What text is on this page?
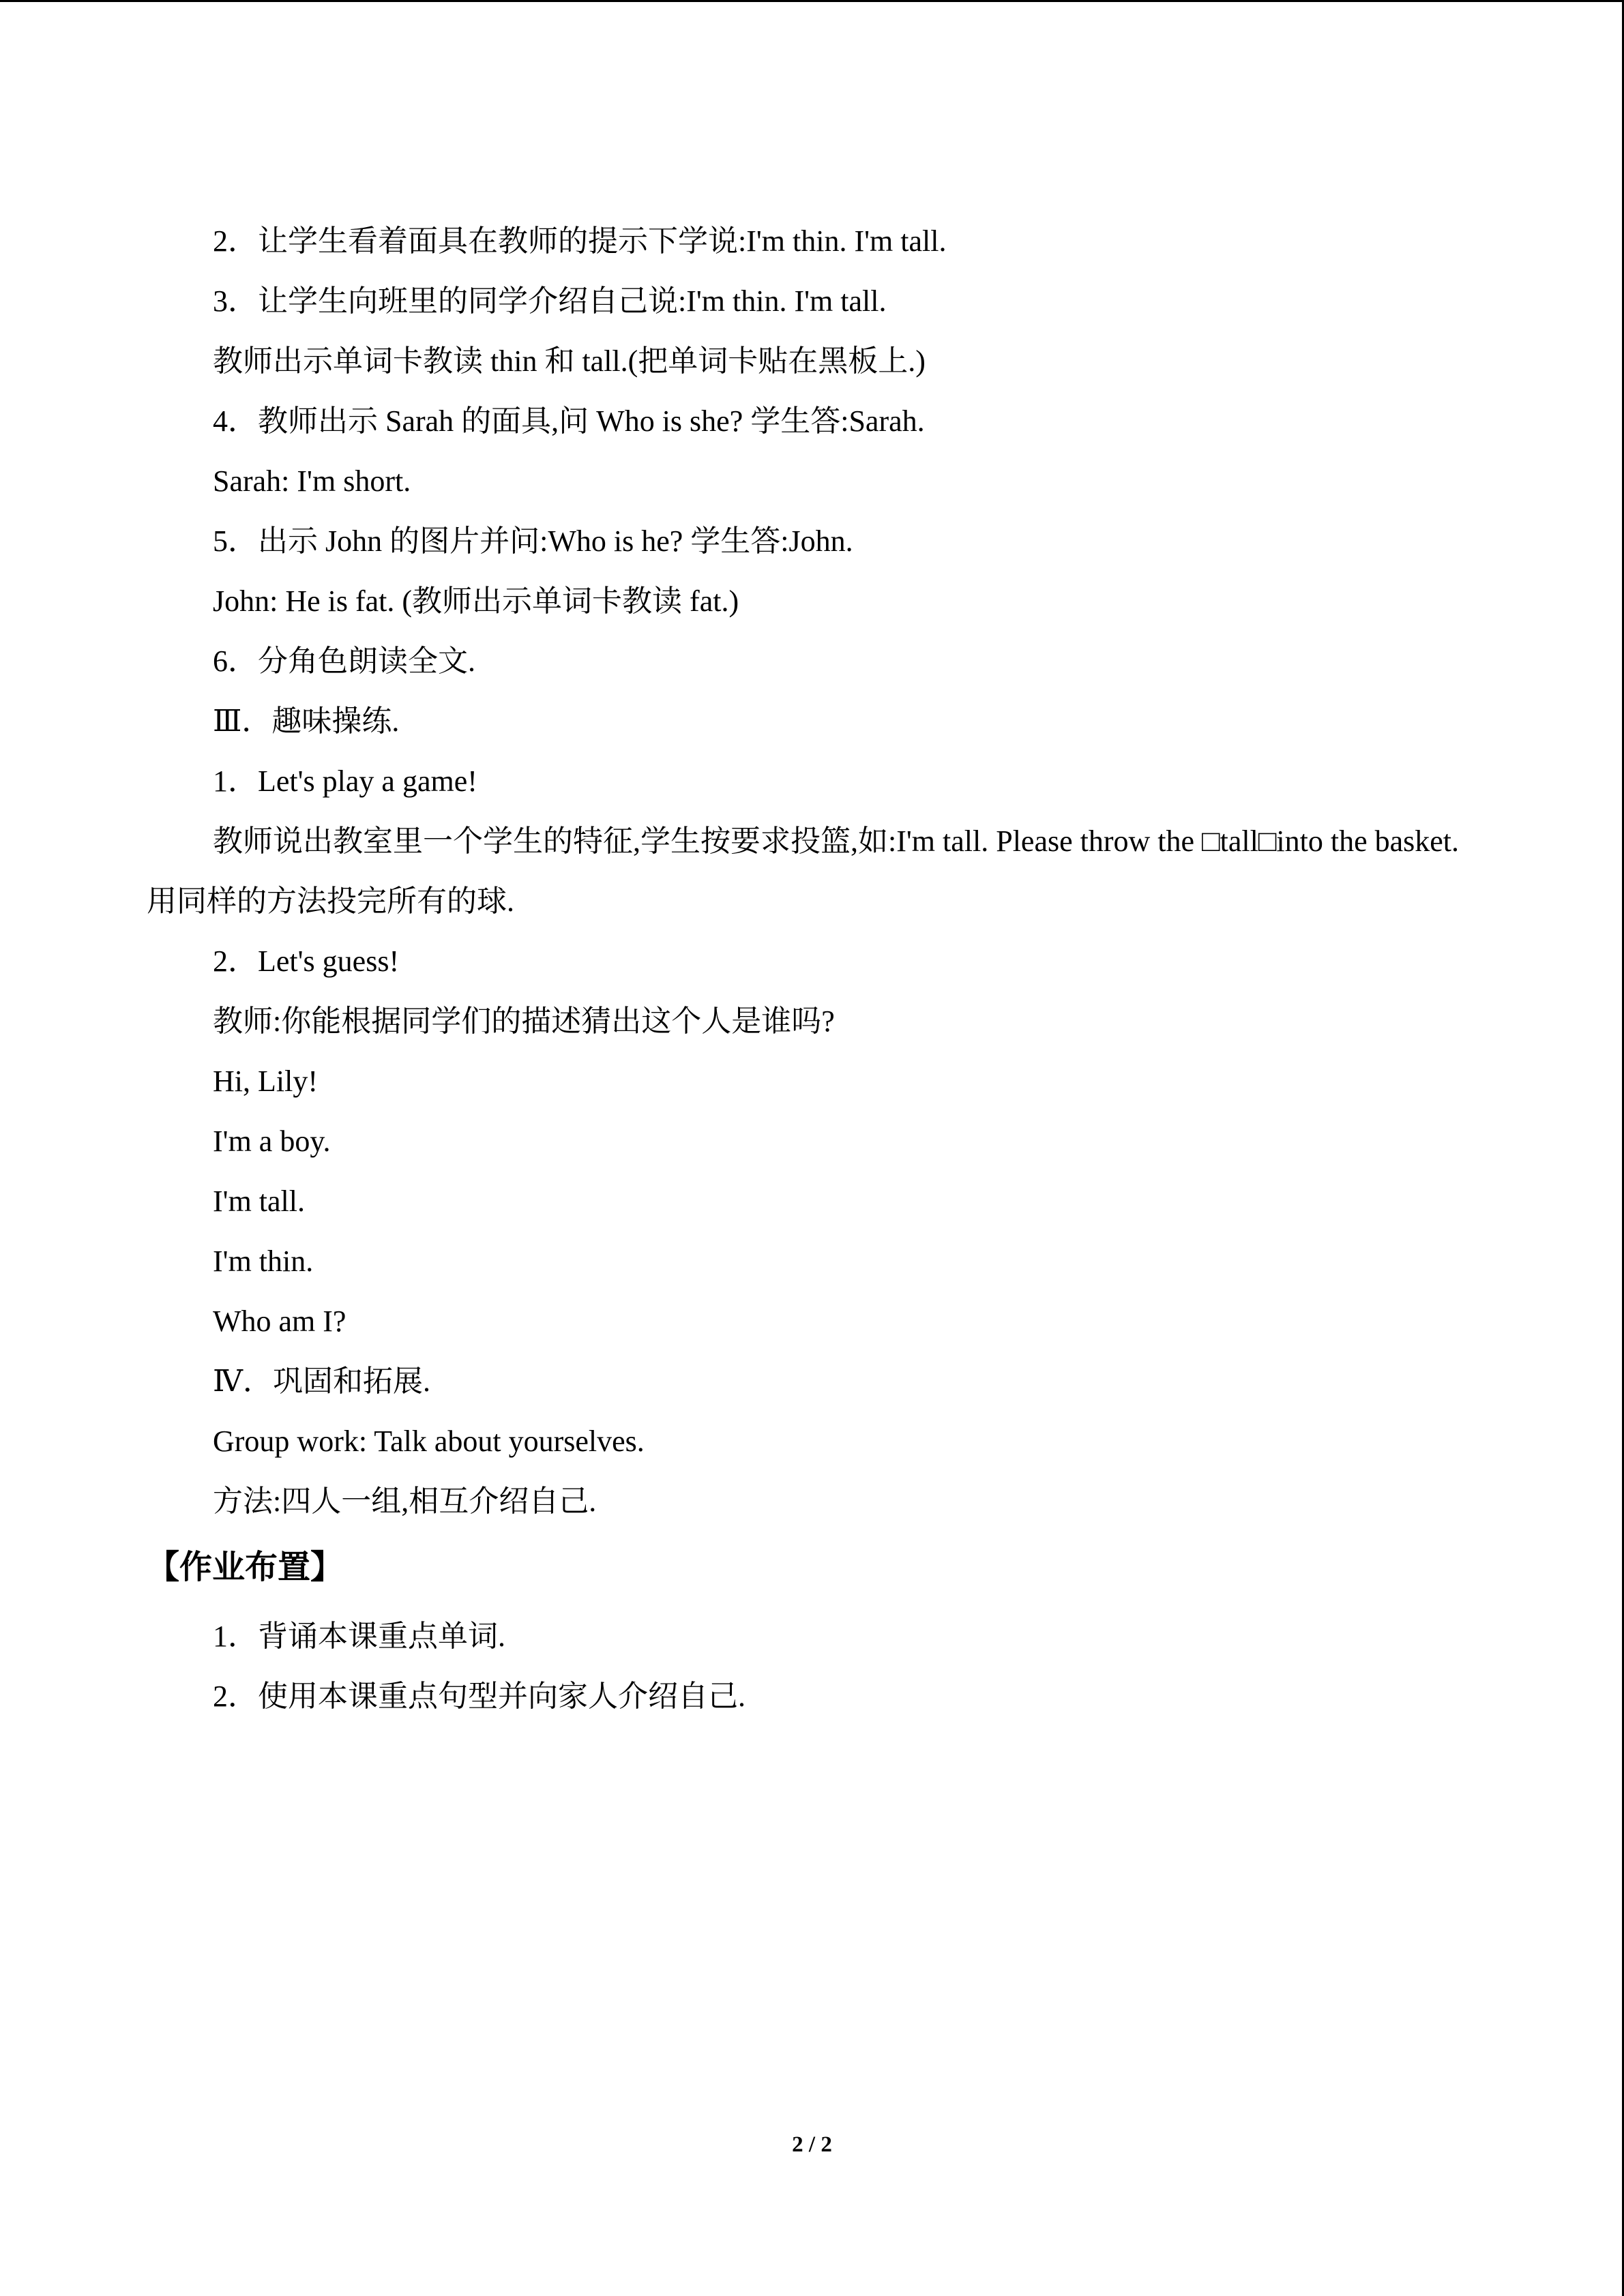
2．让学生看着面具在教师的提示下学说:I'm thin. I'm tall.
3．让学生向班里的同学介绍自己说:I'm thin. I'm tall.
教师出示单词卡教读 thin 和 tall.(把单词卡贴在黑板上.)
4．教师出示 Sarah 的面具,问 Who is she? 学生答:Sarah.
Sarah: I'm short.
5．出示 John 的图片并问:Who is he? 学生答:John.
John: He is fat. (教师出示单词卡教读 fat.)
6．分角色朗读全文.
Ⅲ．趣味操练.
1．Let's play a game!
教师说出教室里一个学生的特征,学生按要求投篮,如:I'm tall. Please throw the □tall□into the basket. 用同样的方法投完所有的球.
2．Let's guess!
教师:你能根据同学们的描述猜出这个人是谁吗?
Hi, Lily!
I'm a boy.
I'm tall.
I'm thin.
Who am I?
Ⅳ．巩固和拓展.
Group work: Talk about yourselves.
方法:四人一组,相互介绍自己.
【作业布置】
1．背诵本课重点单词.
2．使用本课重点句型并向家人介绍自己.
2 / 2
